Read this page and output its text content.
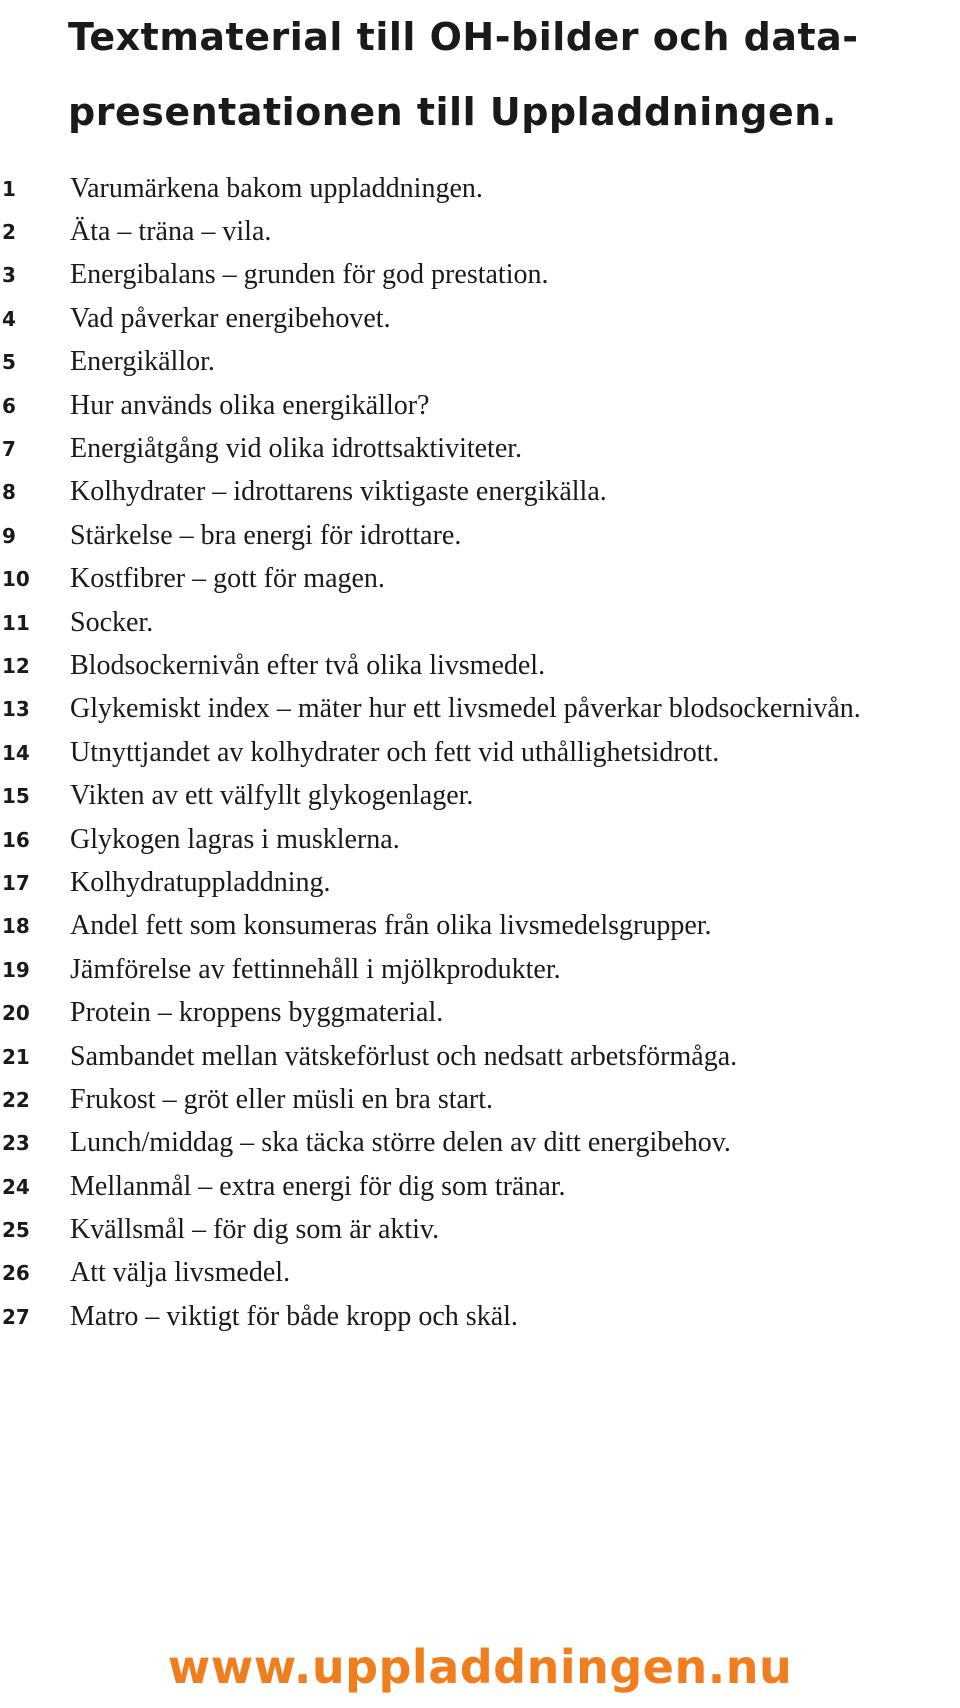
Textmaterial till OH-bilder och data-
presentationen till Uppladdningen.
1	Varumärkena bakom uppladdningen.
2	Äta – träna – vila.
3	Energibalans – grunden för god prestation.
4	Vad påverkar energibehovet.
5	Energikällor.
6	Hur används olika energikällor?
7	Energiåtgång vid olika idrottsaktiviteter.
8	Kolhydrater – idrottarens viktigaste energikälla.
9	Stärkelse – bra energi för idrottare.
10	Kostfibrer – gott för magen.
11	Socker.
12	Blodsockernivån efter två olika livsmedel.
13	Glykemiskt index – mäter hur ett livsmedel påverkar blodsockernivån.
14	Utnyttjandet av kolhydrater och fett vid uthållighetsidrott.
15	Vikten av ett välfyllt glykogenlager.
16	Glykogen lagras i musklerna.
17	Kolhydratuppladdning.
18	Andel fett som konsumeras från olika livsmedelsgrupper.
19	Jämförelse av fettinnehåll i mjölkprodukter.
20	Protein – kroppens byggmaterial.
21	Sambandet mellan vätskeförlust och nedsatt arbetsförmåga.
22	Frukost – gröt eller müsli en bra start.
23	Lunch/middag – ska täcka större delen av ditt energibehov.
24	Mellanmål – extra energi för dig som tränar.
25	Kvällsmål – för dig som är aktiv.
26	Att välja livsmedel.
27	Matro – viktigt för både kropp och skäl.
www.uppladdningen.nu
